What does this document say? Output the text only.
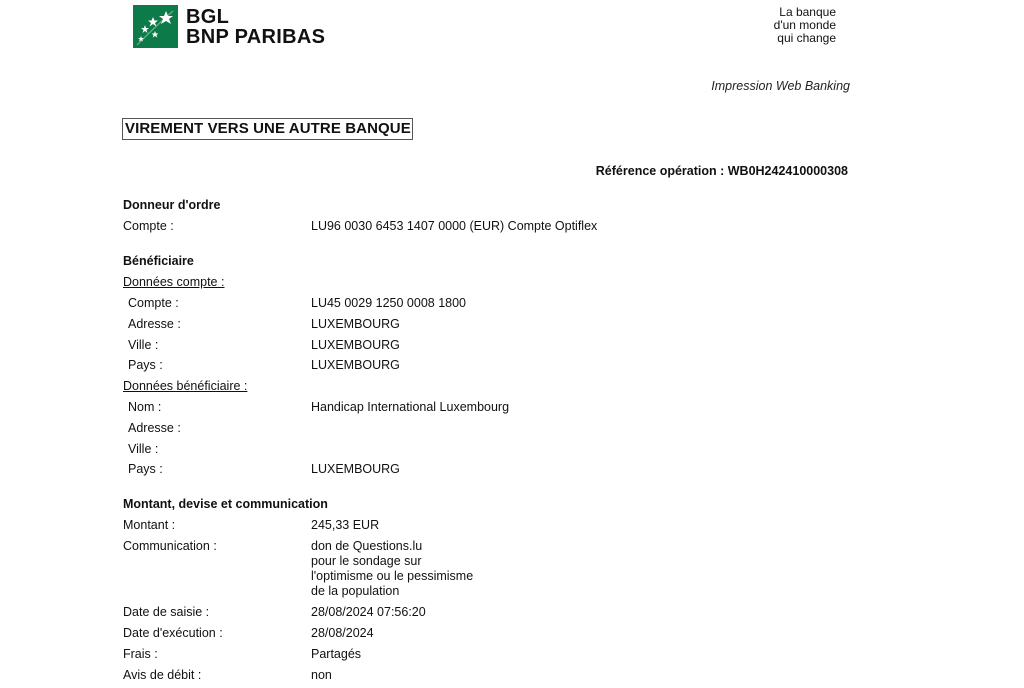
BGL
BNP PARIBAS
La banque
d'un monde
qui change
Impression Web Banking
VIREMENT VERS UNE AUTRE BANQUE
Référence opération : WB0H242410000308
Donneur d'ordre
Compte :	LU96 0030 6453 1407 0000 (EUR) Compte Optiflex
Bénéficiaire
Données compte :
Compte :	LU45 0029 1250 0008 1800
Adresse :	LUXEMBOURG
Ville :	LUXEMBOURG
Pays :	LUXEMBOURG
Données bénéficiaire :
Nom :	Handicap International Luxembourg
Adresse :
Ville :
Pays :	LUXEMBOURG
Montant, devise et communication
Montant :	245,33 EUR
Communication :	don de Questions.lu
pour le sondage sur
l'optimisme ou le pessimisme
de la population
Date de saisie :	28/08/2024 07:56:20
Date d'exécution :	28/08/2024
Frais :	Partagés
Avis de débit :	non
